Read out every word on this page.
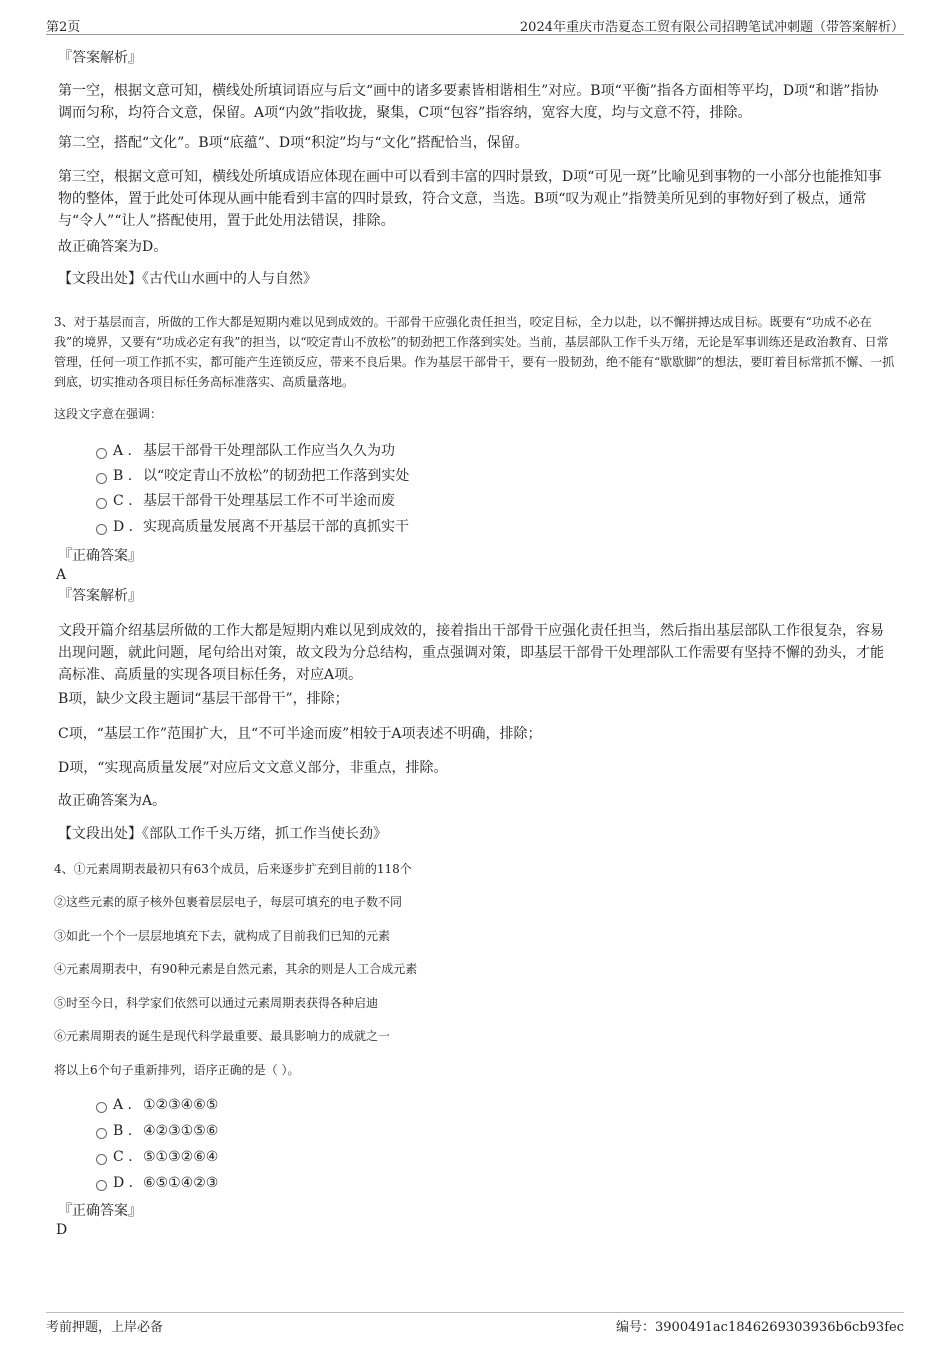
第2页	2024年重庆市浩夏态工贸有限公司招聘笔试冲刺题（带答案解析）

『答案解析』

第一空，根据文意可知，横线处所填词语应与后文“画中的诸多要素皆相谐相生”对应。B项“平衡”指各方面相等平均，D项“和谐”指协调而匀称，均符合文意，保留。A项“内敛”指收拢，聚集，C项“包容”指容纳，宽容大度，均与文意不符，排除。

第二空，搭配“文化”。B项“底蕴”、D项“积淀”均与“文化”搭配恰当，保留。

第三空，根据文意可知，横线处所填成语应体现在画中可以看到丰富的四时景致，D项“可见一斑”比喻见到事物的一小部分也能推知事物的整体，置于此处可体现从画中能看到丰富的四时景致，符合文意，当选。B项“叹为观止”指赞美所见到的事物好到了极点，通常与“令人”“让人”搭配使用，置于此处用法错误，排除。

故正确答案为D。

【文段出处】《古代山水画中的人与自然》

3、对于基层而言，所做的工作大都是短期内难以见到成效的。干部骨干应强化责任担当，咬定目标，全力以赴，以不懈拼搏达成目标。既要有“功成不必在我”的境界，又要有“功成必定有我”的担当，以“咬定青山不放松”的韧劲把工作落到实处。当前，基层部队工作千头万绪，无论是军事训练还是政治教育、日常管理，任何一项工作抓不实，都可能产生连锁反应，带来不良后果。作为基层干部骨干，要有一股韧劲，绝不能有“歇歇脚”的想法，要盯着目标常抓不懈、一抓到底，切实推动各项目标任务高标准落实、高质量落地。

这段文字意在强调：

A . 基层干部骨干处理部队工作应当久久为功
B . 以“咬定青山不放松”的韧劲把工作落到实处
C . 基层干部骨干处理基层工作不可半途而废
D . 实现高质量发展离不开基层干部的真抓实干

『正确答案』

A

『答案解析』

文段开篇介绍基层所做的工作大都是短期内难以见到成效的，接着指出干部骨干应强化责任担当，然后指出基层部队工作很复杂，容易出现问题，就此问题，尾句给出对策，故文段为分总结构，重点强调对策，即基层干部骨干处理部队工作需要有坚持不懈的劲头，才能高标准、高质量的实现各项目标任务，对应A项。

B项，缺少文段主题词“基层干部骨干”，排除；

C项，“基层工作”范围扩大，且“不可半途而废”相较于A项表述不明确，排除；

D项，“实现高质量发展”对应后文文意义部分，非重点，排除。

故正确答案为A。

【文段出处】《部队工作千头万绪，抓工作当使长劲》

4、①元素周期表最初只有63个成员，后来逐步扩充到目前的118个

②这些元素的原子核外包裹着层层电子，每层可填充的电子数不同

③如此一个个一层层地填充下去，就构成了目前我们已知的元素

④元素周期表中，有90种元素是自然元素，其余的则是人工合成元素

⑤时至今日，科学家们依然可以通过元素周期表获得各种启迪

⑥元素周期表的诞生是现代科学最重要、最具影响力的成就之一

将以上6个句子重新排列，语序正确的是（ ）。

A . ①②③④⑥⑤
B . ④②③①⑤⑥
C . ⑤①③②⑥④
D . ⑥⑤①④②③

『正确答案』

D

考前押题，上岸必备	编号：3900491ac1846269303936b6cb93fec
